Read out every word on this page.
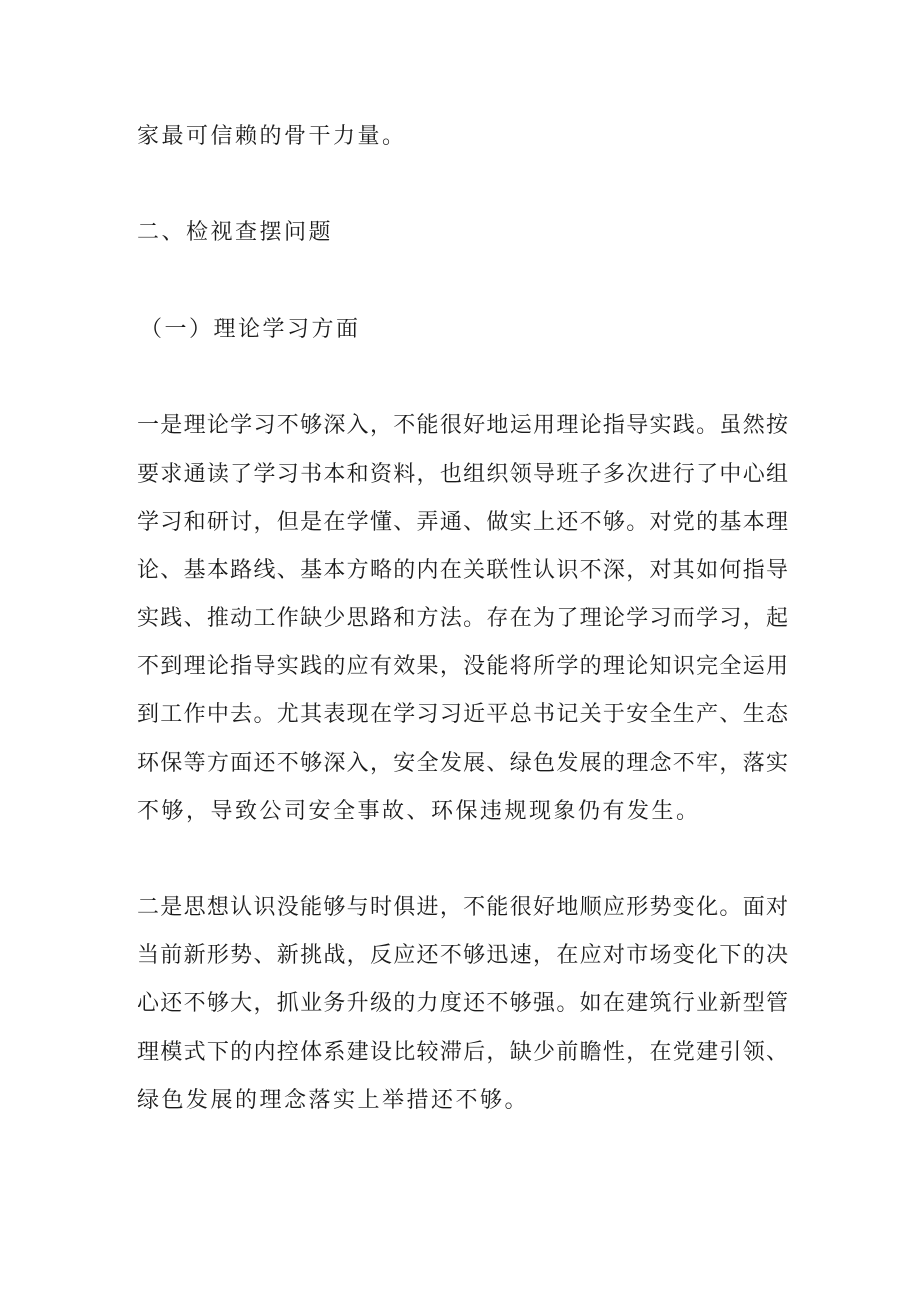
家最可信赖的骨干力量。
二、检视查摆问题
（一）理论学习方面
一是理论学习不够深入，不能很好地运用理论指导实践。虽然按
要求通读了学习书本和资料，也组织领导班子多次进行了中心组
学习和研讨，但是在学懂、弄通、做实上还不够。对党的基本理
论、基本路线、基本方略的内在关联性认识不深，对其如何指导
实践、推动工作缺少思路和方法。存在为了理论学习而学习，起
不到理论指导实践的应有效果，没能将所学的理论知识完全运用
到工作中去。尤其表现在学习习近平总书记关于安全生产、生态
环保等方面还不够深入，安全发展、绿色发展的理念不牢，落实
不够，导致公司安全事故、环保违规现象仍有发生。
二是思想认识没能够与时俱进，不能很好地顺应形势变化。面对
当前新形势、新挑战，反应还不够迅速，在应对市场变化下的决
心还不够大，抓业务升级的力度还不够强。如在建筑行业新型管
理模式下的内控体系建设比较滞后，缺少前瞻性，在党建引领、
绿色发展的理念落实上举措还不够。
